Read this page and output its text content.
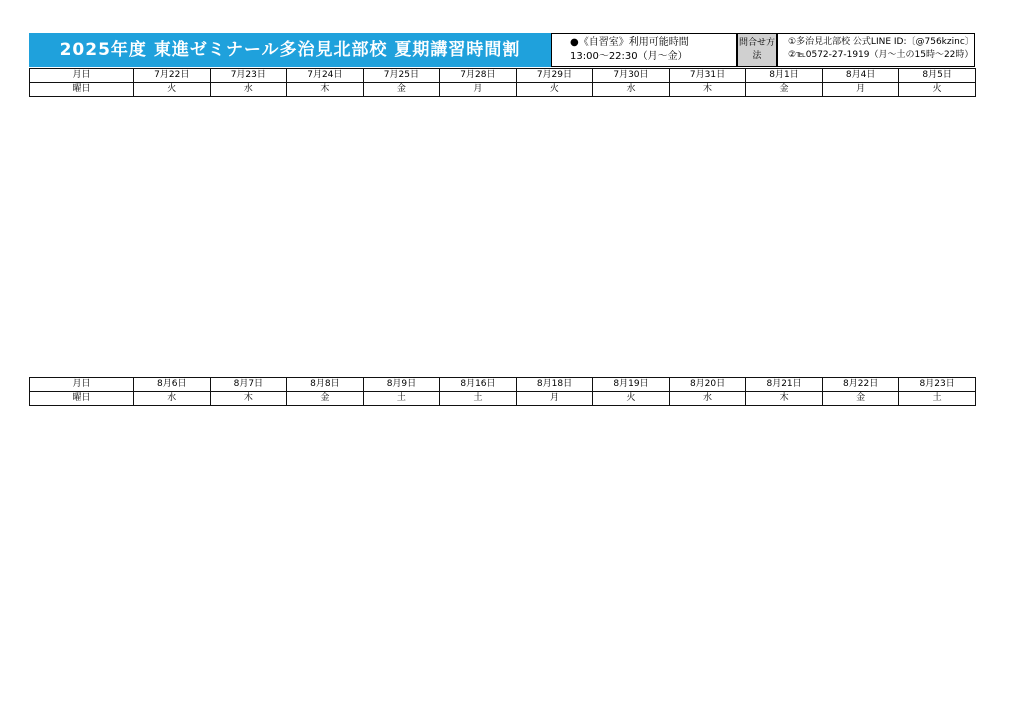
2025年度 東進ゼミナール多治見北部校 夏期講習時間割	●《自習室》利用可能時間
13:00～22:30（月～金）
問合せ方法
①多治見北部校 公式LINE ID:〔@756kzinc〕
②℡0572-27-1919（月～土の15時～22時）
月日	7月22日	7月23日	7月24日	7月25日	7月28日	7月29日	7月30日	7月31日	8月1日	8月4日	8月5日
曜日	火	水	木	金	月	火	水	木	金	月	火
月日	8月6日	8月7日	8月8日	8月9日	8月16日	8月18日	8月19日	8月20日	8月21日	8月22日	8月23日
曜日	水	木	金	土	土	月	火	水	木	金	土
